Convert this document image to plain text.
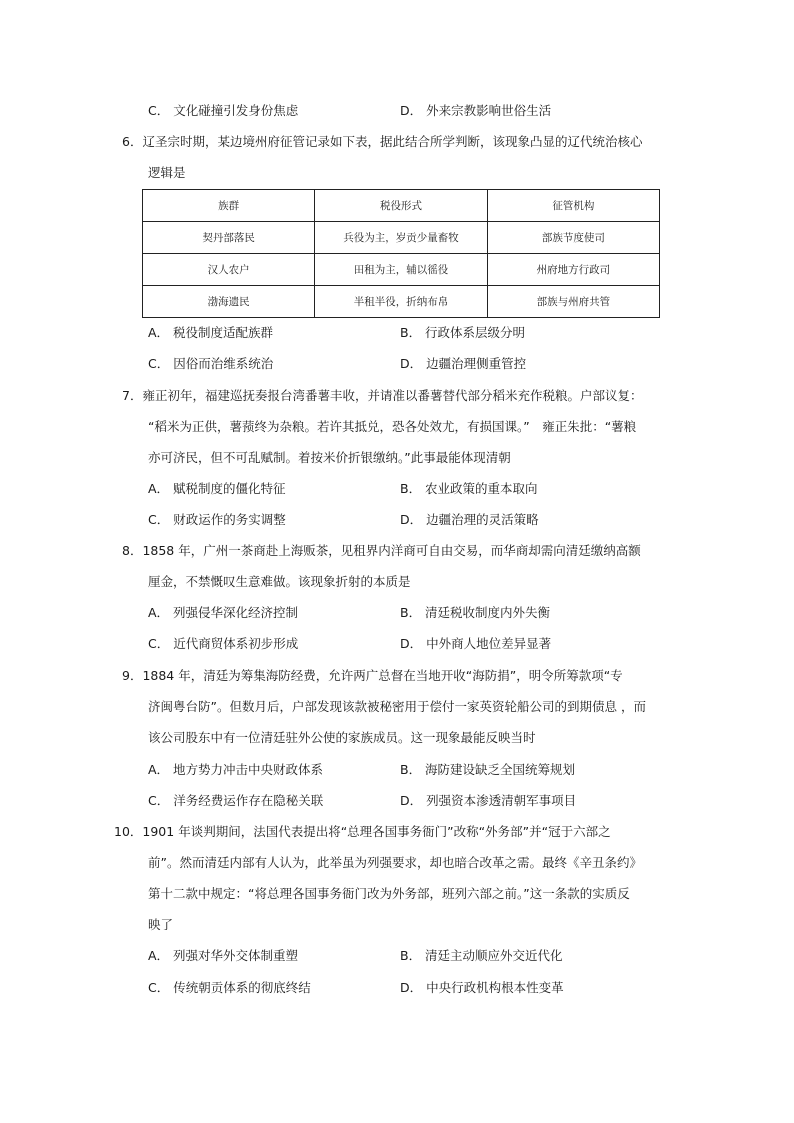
C． 文化碰撞引发身份焦虑	D． 外来宗教影响世俗生活
6．辽圣宗时期，某边境州府征管记录如下表，据此结合所学判断，该现象凸显的辽代统治核心
逻辑是
族群	税役形式	征管机构
契丹部落民	兵役为主，岁贡少量畜牧	部族节度使司
汉人农户	田租为主，辅以徭役	州府地方行政司
渤海遗民	半租半役，折纳布帛	部族与州府共管
A． 税役制度适配族群	B． 行政体系层级分明
C． 因俗而治维系统治	D． 边疆治理侧重管控
7．雍正初年，福建巡抚奏报台湾番薯丰收，并请准以番薯替代部分稻米充作税粮。户部议复：
“稻米为正供，薯蓣终为杂粮。若许其抵兑，恐各处效尤，有损国课。”　雍正朱批：“薯粮
亦可济民，但不可乱赋制。着按米价折银缴纳。”此事最能体现清朝
A． 赋税制度的僵化特征	B． 农业政策的重本取向
C． 财政运作的务实调整	D． 边疆治理的灵活策略
8．1858 年，广州一茶商赴上海贩茶，见租界内洋商可自由交易，而华商却需向清廷缴纳高额
厘金，不禁慨叹生意难做。该现象折射的本质是
A． 列强侵华深化经济控制	B． 清廷税收制度内外失衡
C． 近代商贸体系初步形成	D． 中外商人地位差异显著
9．1884 年，清廷为筹集海防经费，允许两广总督在当地开收“海防捐”，明令所筹款项“专
济闽粤台防”。但数月后，户部发现该款被秘密用于偿付一家英资轮船公司的到期债息 ，而
该公司股东中有一位清廷驻外公使的家族成员。这一现象最能反映当时
A． 地方势力冲击中央财政体系	B． 海防建设缺乏全国统筹规划
C． 洋务经费运作存在隐秘关联	D． 列强资本渗透清朝军事项目
10．1901 年谈判期间，法国代表提出将“总理各国事务衙门”改称“外务部”并“冠于六部之
前”。然而清廷内部有人认为，此举虽为列强要求，却也暗合改革之需。最终《辛丑条约》
第十二款中规定：“将总理各国事务衙门改为外务部，班列六部之前。”这一条款的实质反
映了
A． 列强对华外交体制重塑	B． 清廷主动顺应外交近代化
C． 传统朝贡体系的彻底终结	D． 中央行政机构根本性变革
